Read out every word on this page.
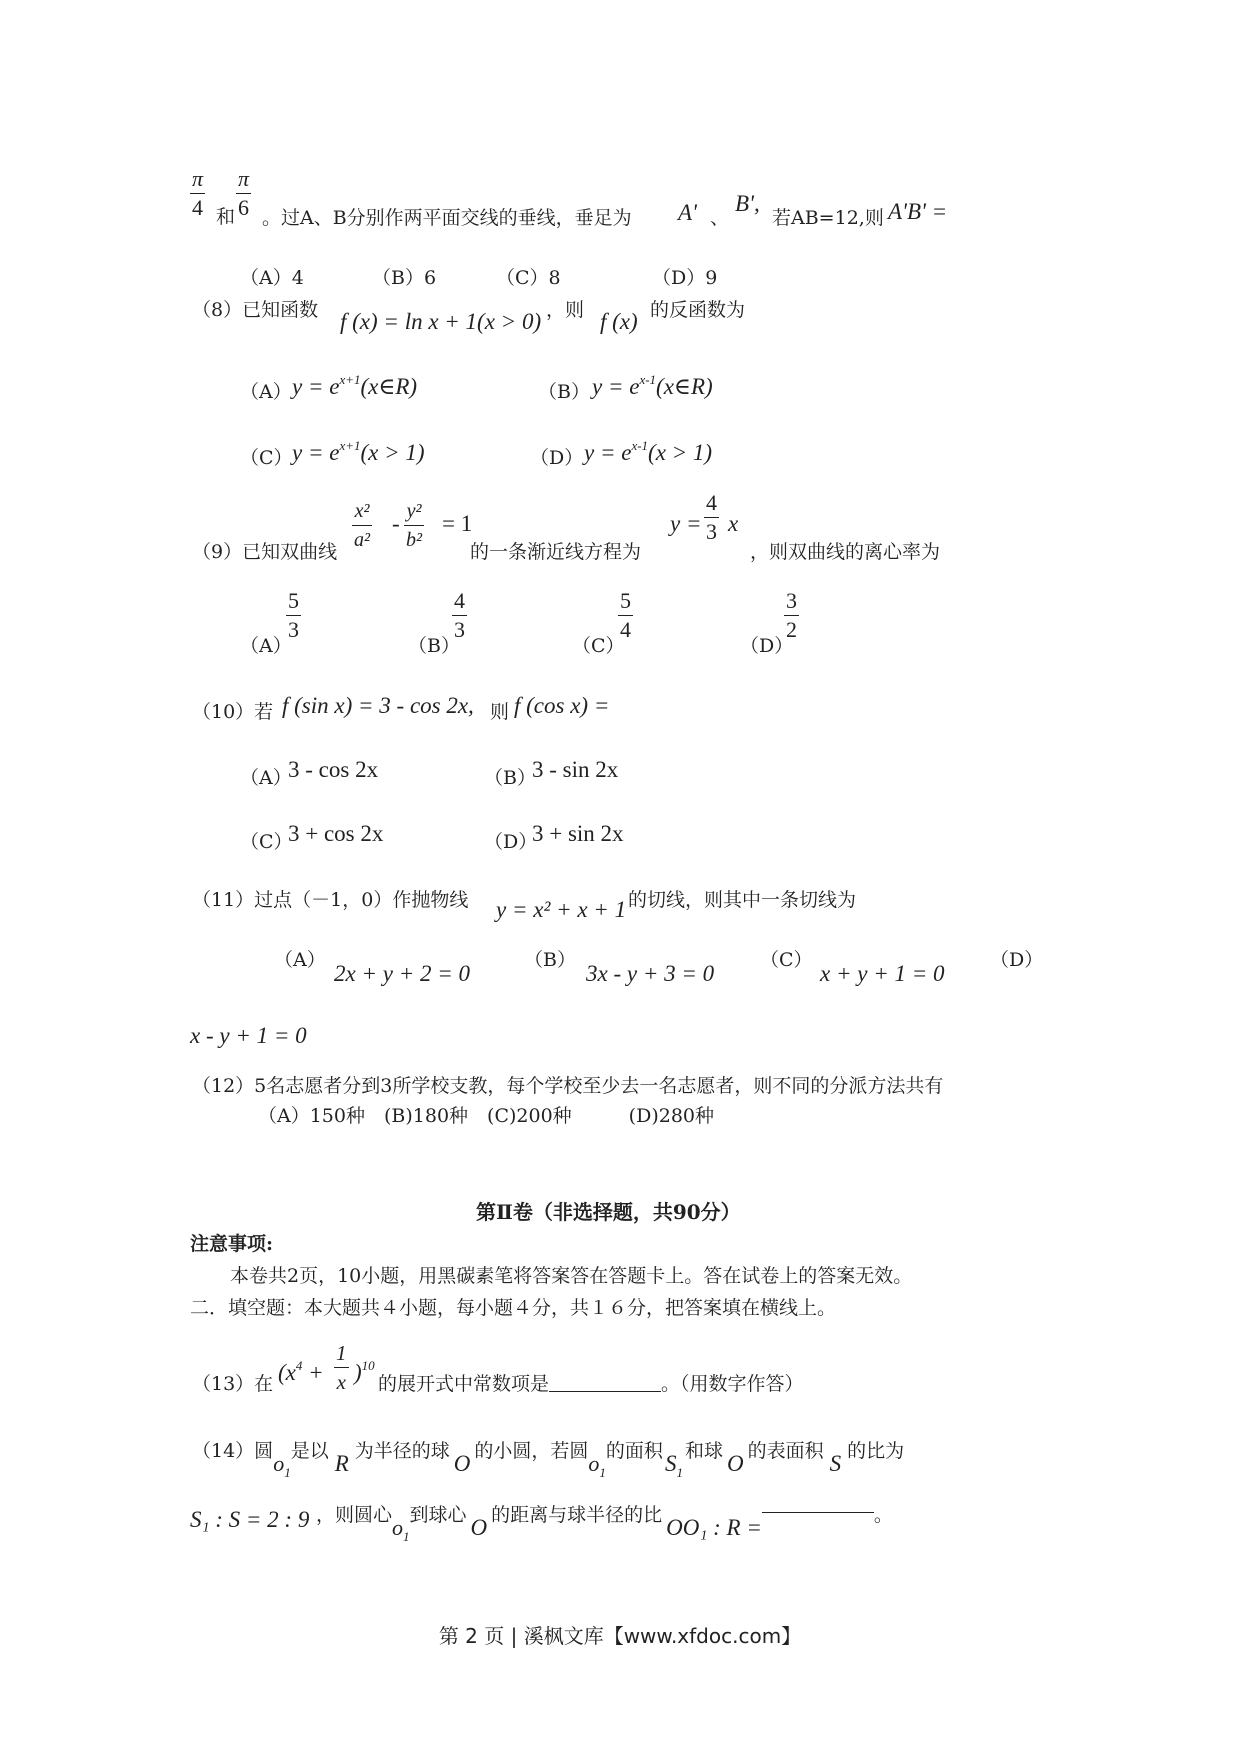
π
4 和
π
6 。过A、B分别作两平面交线的垂线，垂足为 A' 、
B',
若AB=12,则 A'B' =
（A）4	（B）6	（C）8	（D）9
（8）已知函数 f (x) = ln x + 1(x > 0) ，则 f (x) 的反函数为
（A） $y = e^{x+1}(x\in R)$	（B） $y = e^{x-1}(x\in R)$
（C） $y = e^{x+1}(x > 1)$	（D） $y = e^{x-1}(x > 1)$
（9）已知双曲线
x²
a²
- y²
b²
= 1
的一条渐近线方程为
y =
4
3 x
，则双曲线的离心率为
（A）
5
3
（B）
4
3
（C）
5
4
（D）
3
2
（10）若 f (sin x) = 3 - cos 2x, 则 f (cos x) =
（A）
3 - cos 2x	（B）
3 - sin 2x
（C）
3 + cos 2x	（D）
3 + sin 2x
（11）过点（－1，0）作抛物线 y = x² + x + 1 的切线，则其中一条切线为
（A）
2x + y + 2 = 0
（B）
3x - y + 3 = 0
（C）
x + y + 1 = 0
（D）
x - y + 1 = 0
（12）5名志愿者分到3所学校支教，每个学校至少去一名志愿者，则不同的分派方法共有
（A）150种　(B)180种　(C)200种　　　(D)280种
第Ⅱ卷（非选择题，共90分）
注意事项:
本卷共2页，10小题，用黑碳素笔将答案答在答题卡上。答在试卷上的答案无效。
二．填空题：本大题共４小题，每小题４分，共１６分，把答案填在横线上。
（13）在 ($x^4$ +
1
x )$^{10}$
的展开式中常数项是	。（用数字作答）
（14）圆$o_1$是以 R 为半径的球 O 的小圆，若圆$o_1$的面积$S_1$和球 O 的表面积 S 的比为
S₁ : S = 2 : 9 ，则圆心$o_1$到球心 O 的距离与球半径的比 OO₁ : R =	。
第 2 页 | 溪枫文库【www.xfdoc.com】
